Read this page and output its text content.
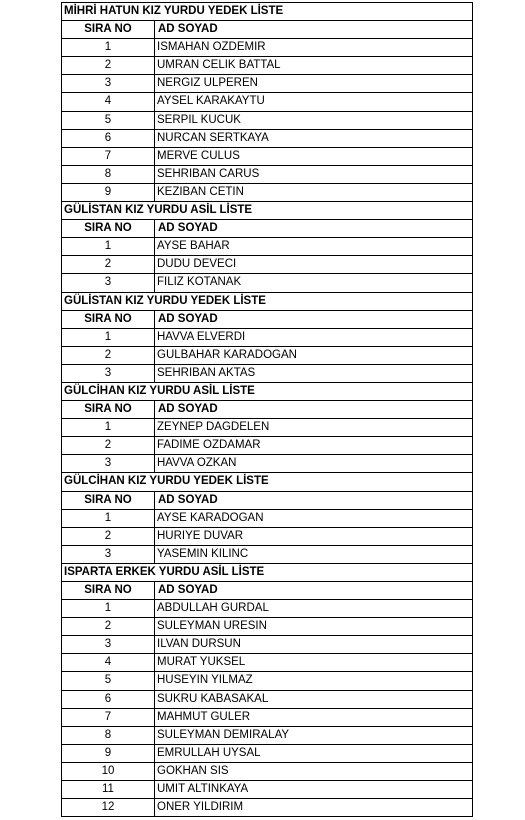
MİHRİ HATUN KIZ YURDU YEDEK LİSTE	
SIRA NO	AD SOYAD
1	ISMAHAN OZDEMIR
2	UMRAN CELIK BATTAL
3	NERGIZ ULPEREN
4	AYSEL KARAKAYTU
5	SERPIL KUCUK
6	NURCAN SERTKAYA
7	MERVE CULUS
8	SEHRIBAN CARUS
9	KEZIBAN CETIN
GÜLİSTAN KIZ YURDU ASİL LİSTE	
SIRA NO	AD SOYAD
1	AYSE BAHAR
2	DUDU DEVECI
3	FILIZ KOTANAK
GÜLİSTAN KIZ YURDU YEDEK LİSTE	
SIRA NO	AD SOYAD
1	HAVVA ELVERDI
2	GULBAHAR KARADOGAN
3	SEHRIBAN AKTAS
GÜLCİHAN KIZ YURDU ASİL LİSTE	
SIRA NO	AD SOYAD
1	ZEYNEP DAGDELEN
2	FADIME OZDAMAR
3	HAVVA OZKAN
GÜLCİHAN KIZ YURDU YEDEK LİSTE	
SIRA NO	AD SOYAD
1	AYSE KARADOGAN
2	HURIYE DUVAR
3	YASEMIN KILINC
ISPARTA ERKEK YURDU ASİL LİSTE	
SIRA NO	AD SOYAD
1	ABDULLAH GURDAL
2	SULEYMAN URESIN
3	ILVAN DURSUN
4	MURAT YUKSEL
5	HUSEYIN YILMAZ
6	SUKRU KABASAKAL
7	MAHMUT GULER
8	SULEYMAN DEMIRALAY
9	EMRULLAH UYSAL
10	GOKHAN SIS
11	UMIT ALTINKAYA
12	ONER YILDIRIM
